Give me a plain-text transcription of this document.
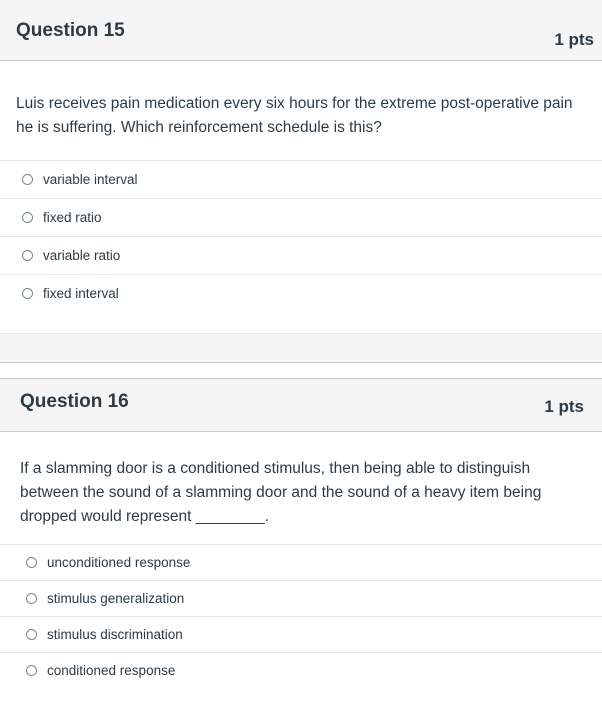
Question 15	1 pts
Luis receives pain medication every six hours for the extreme post-operative pain he is suffering. Which reinforcement schedule is this?
variable interval
fixed ratio
variable ratio
fixed interval
Question 16	1 pts
If a slamming door is a conditioned stimulus, then being able to distinguish between the sound of a slamming door and the sound of a heavy item being dropped would represent ________.
unconditioned response
stimulus generalization
stimulus discrimination
conditioned response
